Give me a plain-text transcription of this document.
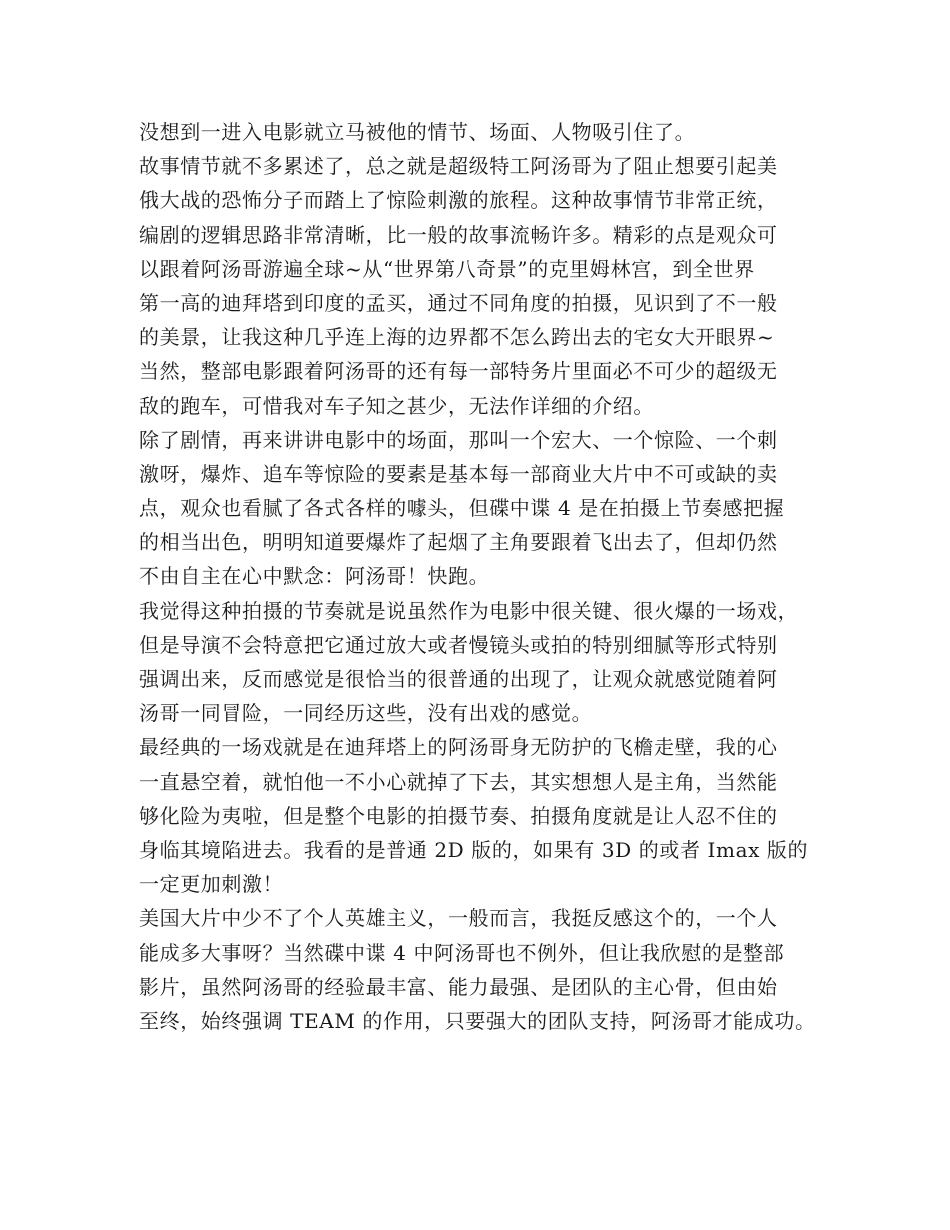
没想到一进入电影就立马被他的情节、场面、人物吸引住了。
故事情节就不多累述了，总之就是超级特工阿汤哥为了阻止想要引起美
俄大战的恐怖分子而踏上了惊险刺激的旅程。这种故事情节非常正统，
编剧的逻辑思路非常清晰，比一般的故事流畅许多。精彩的点是观众可
以跟着阿汤哥游遍全球~从“世界第八奇景”的克里姆林宫，到全世界
第一高的迪拜塔到印度的孟买，通过不同角度的拍摄，见识到了不一般
的美景，让我这种几乎连上海的边界都不怎么跨出去的宅女大开眼界~
当然，整部电影跟着阿汤哥的还有每一部特务片里面必不可少的超级无
敌的跑车，可惜我对车子知之甚少，无法作详细的介绍。
除了剧情，再来讲讲电影中的场面，那叫一个宏大、一个惊险、一个刺
激呀，爆炸、追车等惊险的要素是基本每一部商业大片中不可或缺的卖
点，观众也看腻了各式各样的噱头，但碟中谍 4 是在拍摄上节奏感把握
的相当出色，明明知道要爆炸了起烟了主角要跟着飞出去了，但却仍然
不由自主在心中默念：阿汤哥！快跑。
我觉得这种拍摄的节奏就是说虽然作为电影中很关键、很火爆的一场戏，
但是导演不会特意把它通过放大或者慢镜头或拍的特别细腻等形式特别
强调出来，反而感觉是很恰当的很普通的出现了，让观众就感觉随着阿
汤哥一同冒险，一同经历这些，没有出戏的感觉。
最经典的一场戏就是在迪拜塔上的阿汤哥身无防护的飞檐走壁，我的心
一直悬空着，就怕他一不小心就掉了下去，其实想想人是主角，当然能
够化险为夷啦，但是整个电影的拍摄节奏、拍摄角度就是让人忍不住的
身临其境陷进去。我看的是普通 2D 版的，如果有 3D 的或者 Imax 版的
一定更加刺激！
美国大片中少不了个人英雄主义，一般而言，我挺反感这个的，一个人
能成多大事呀？当然碟中谍 4 中阿汤哥也不例外，但让我欣慰的是整部
影片，虽然阿汤哥的经验最丰富、能力最强、是团队的主心骨，但由始
至终，始终强调 TEAM 的作用，只要强大的团队支持，阿汤哥才能成功。
